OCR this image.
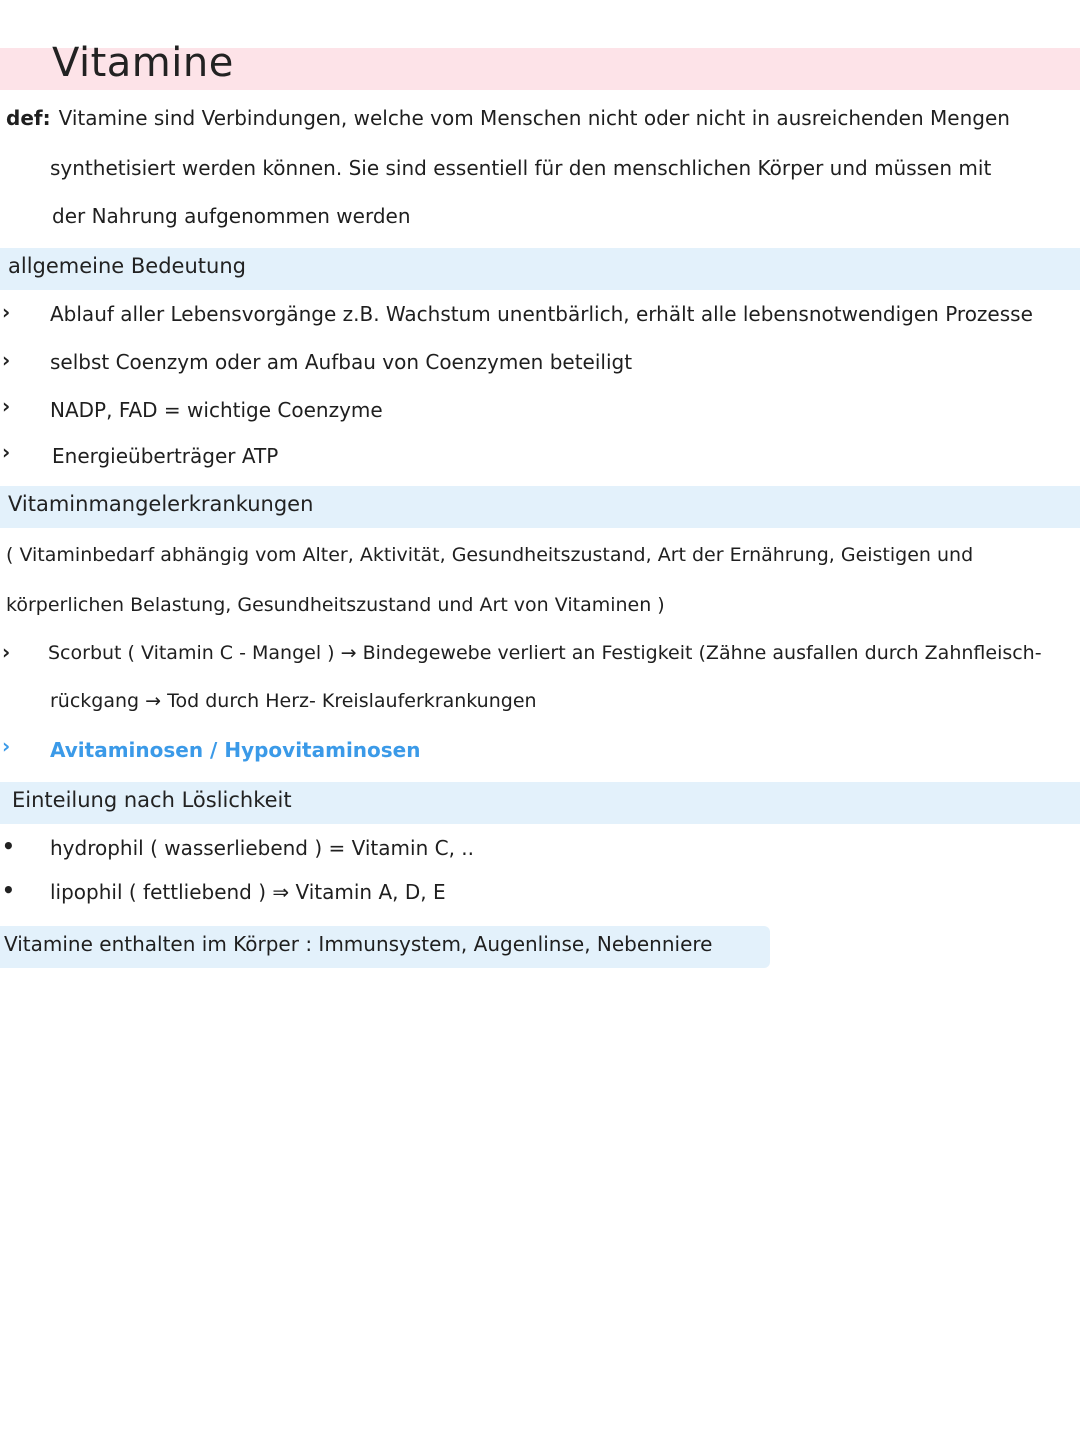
Vitamine
def: Vitamine sind Verbindungen, welche vom Menschen nicht oder nicht in ausreichenden Mengen
synthetisiert werden können. Sie sind essentiell für den menschlichen Körper und müssen mit
der Nahrung aufgenommen werden
allgemeine Bedeutung
› Ablauf aller Lebensvorgänge z.B. Wachstum unentbärlich, erhält alle lebensnotwendigen Prozesse
› selbst Coenzym oder am Aufbau von Coenzymen beteiligt
› NADP, FAD = wichtige Coenzyme
› Energieüberträger ATP
Vitaminmangelerkrankungen
( Vitaminbedarf abhängig vom Alter, Aktivität, Gesundheitszustand, Art der Ernährung, Geistigen und
körperlichen Belastung, Gesundheitszustand und Art von Vitaminen )
› Scorbut ( Vitamin C - Mangel ) → Bindegewebe verliert an Festigkeit (Zähne ausfallen durch Zahnfleisch-
rückgang → Tod durch Herz- Kreislauferkrankungen
› Avitaminosen / Hypovitaminosen
Einteilung nach Löslichkeit
• hydrophil ( wasserliebend ) = Vitamin C, ..
• lipophil ( fettliebend ) ⇒ Vitamin A, D, E
Vitamine enthalten im Körper : Immunsystem, Augenlinse, Nebenniere
